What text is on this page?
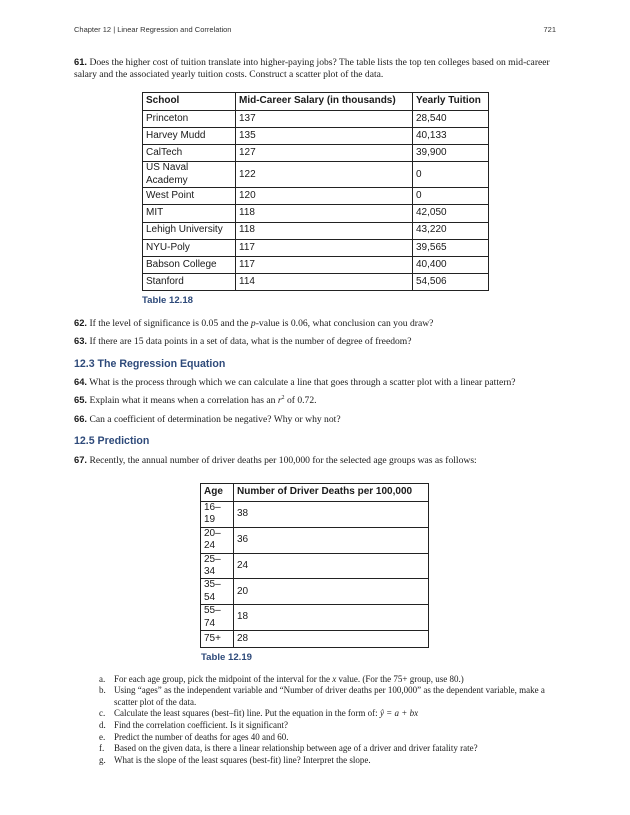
Chapter 12 | Linear Regression and Correlation	721

61. Does the higher cost of tuition translate into higher-paying jobs? The table lists the top ten colleges based on mid-career salary and the associated yearly tuition costs. Construct a scatter plot of the data.

School	Mid-Career Salary (in thousands)	Yearly Tuition
Princeton	137	28,540
Harvey Mudd	135	40,133
CalTech	127	39,900
US Naval Academy	122	0
West Point	120	0
MIT	118	42,050
Lehigh University	118	43,220
NYU-Poly	117	39,565
Babson College	117	40,400
Stanford	114	54,506
Table 12.18

62. If the level of significance is 0.05 and the p-value is 0.06, what conclusion can you draw?

63. If there are 15 data points in a set of data, what is the number of degree of freedom?

12.3 The Regression Equation

64. What is the process through which we can calculate a line that goes through a scatter plot with a linear pattern?

65. Explain what it means when a correlation has an $r^2$ of 0.72.

66. Can a coefficient of determination be negative? Why or why not?

12.5 Prediction

67. Recently, the annual number of driver deaths per 100,000 for the selected age groups was as follows:

Age	Number of Driver Deaths per 100,000
16–19	38
20–24	36
25–34	24
35–54	20
55–74	18
75+	28
Table 12.19
a. For each age group, pick the midpoint of the interval for the x value. (For the 75+ group, use 80.)
b. Using “ages” as the independent variable and “Number of driver deaths per 100,000” as the dependent variable, make a scatter plot of the data.
c. Calculate the least squares (best–fit) line. Put the equation in the form of: ŷ = a + bx
d. Find the correlation coefficient. Is it significant?
e. Predict the number of deaths for ages 40 and 60.
f. Based on the given data, is there a linear relationship between age of a driver and driver fatality rate?
g. What is the slope of the least squares (best-fit) line? Interpret the slope.
